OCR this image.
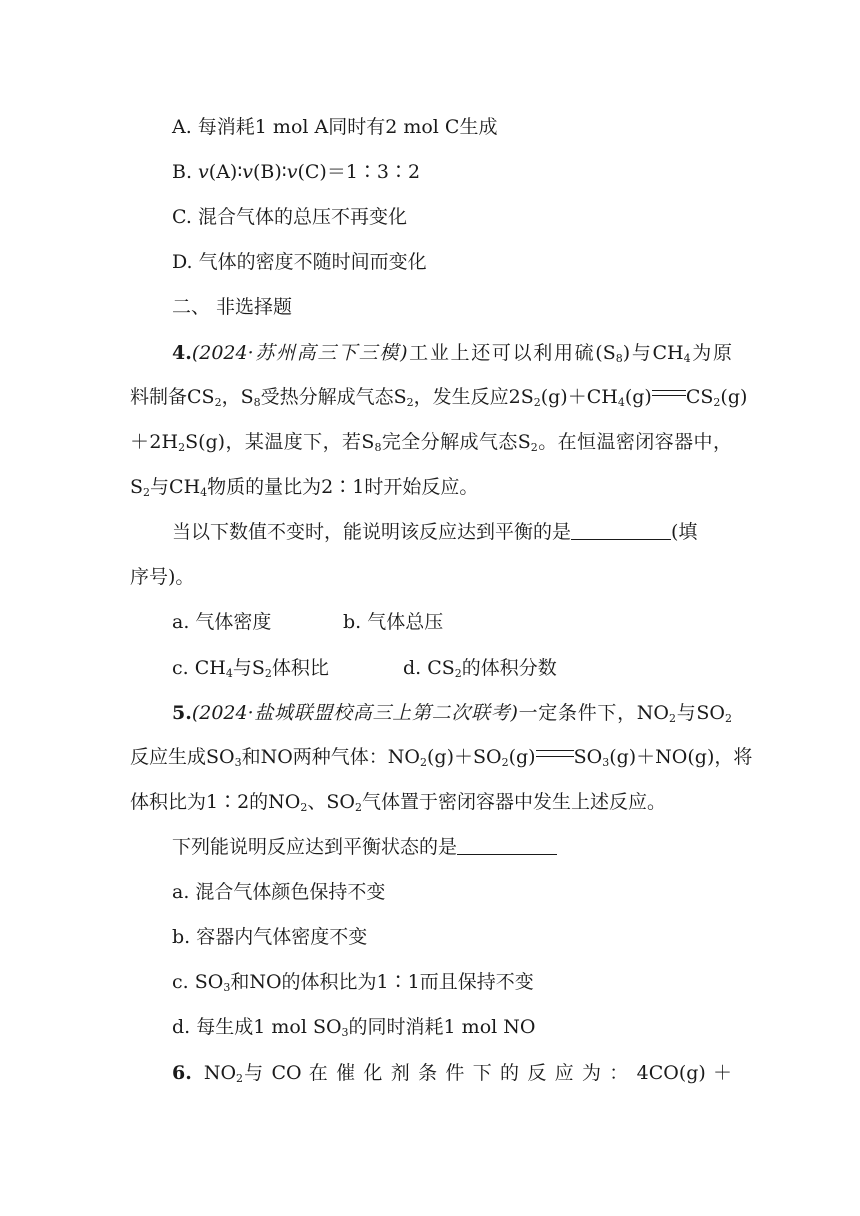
A. 每消耗1 mol A同时有2 mol C生成
B. v(A)∶v(B)∶v(C)＝1∶3∶2
C. 混合气体的总压不再变化
D. 气体的密度不随时间而变化
二、 非选择题
4.(2024·苏州高三下三模)工业上还可以利用硫$(S_8)$与$CH_4$为原
料制备$CS_2$，$S_8$受热分解成气态$S_2$，发生反应$2S_2(g)+CH_4(g)$ $CS_2(g)$
$+2H_2S(g)$，某温度下，若$S_8$完全分解成气态$S_2$。在恒温密闭容器中，
$S_2$与$CH_4$物质的量比为2∶1时开始反应。
当以下数值不变时，能说明该反应达到平衡的是	(填
序号)。
a. 气体密度	b. 气体总压
c. $CH_4$与$S_2$体积比	d. $CS_2$的体积分数
5.(2024·盐城联盟校高三上第二次联考)一定条件下，$NO_2$与$SO_2$
反应生成$SO_3$和NO两种气体：$NO_2(g)+SO_2(g)$ $SO_3(g)+NO(g)$，将
体积比为1∶2的$NO_2$、$SO_2$气体置于密闭容器中发生上述反应。
下列能说明反应达到平衡状态的是
a. 混合气体颜色保持不变
b. 容器内气体密度不变
c. $SO_3$和NO的体积比为1∶1而且保持不变
d. 每生成1 mol $SO_3$的同时消耗1 mol NO
6. $NO_2$与 CO 在 催 化 剂 条 件 下 的 反 应 为 ： 4CO(g) ＋
